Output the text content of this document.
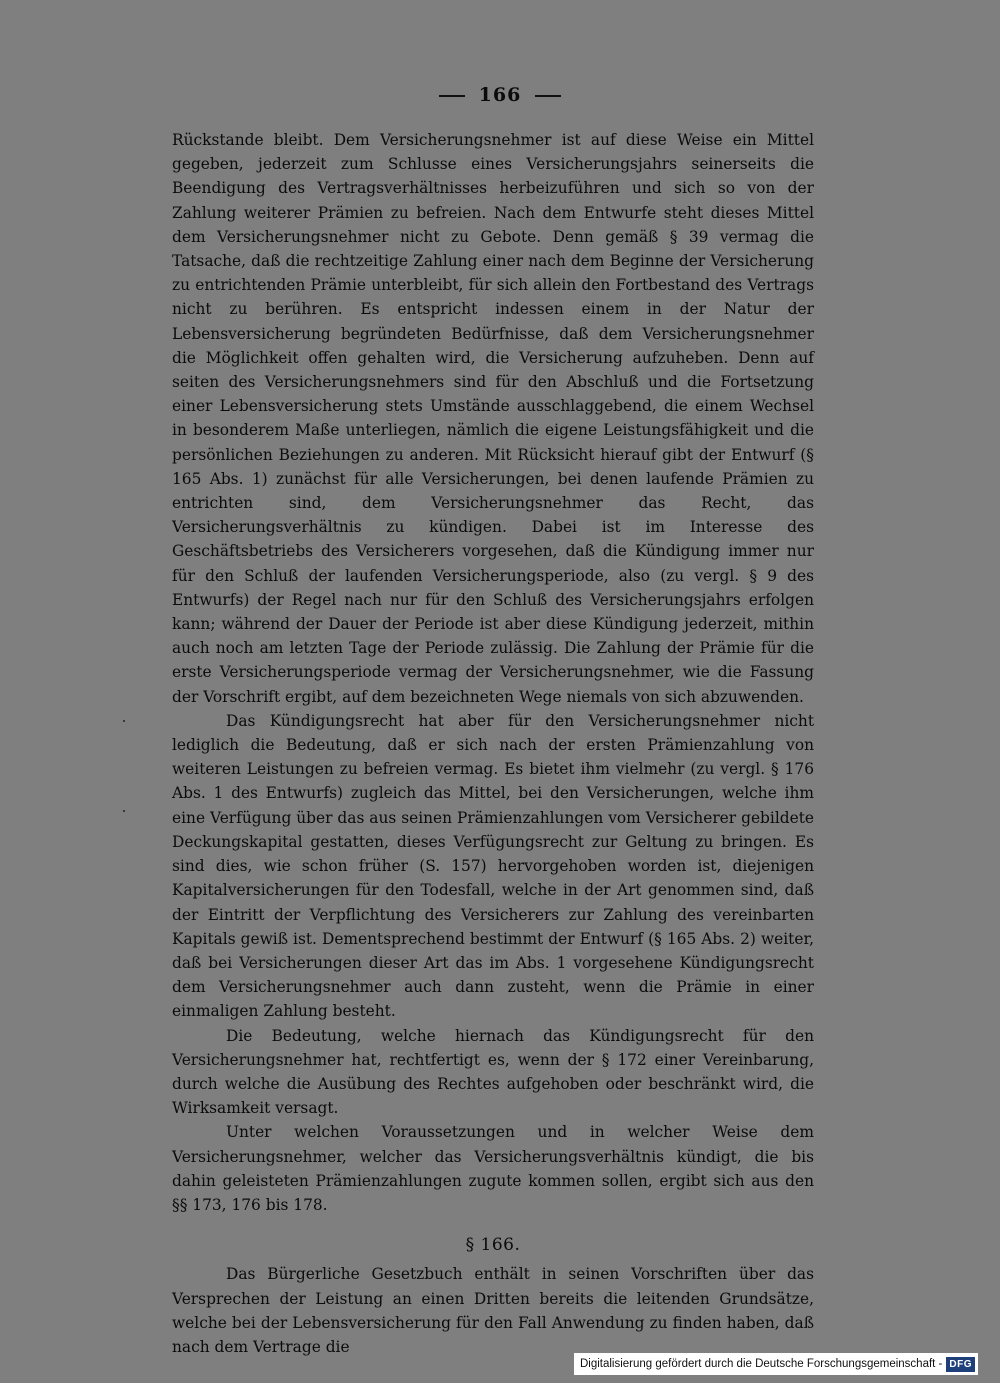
166

Rückstande bleibt. Dem Versicherungsnehmer ist auf diese Weise ein Mittel gegeben, jederzeit zum Schlusse eines Versicherungsjahrs seinerseits die Beendigung des Vertragsverhältnisses herbeizuführen und sich so von der Zahlung weiterer Prämien zu befreien. Nach dem Entwurfe steht dieses Mittel dem Versicherungsnehmer nicht zu Gebote. Denn gemäß § 39 vermag die Tatsache, daß die rechtzeitige Zahlung einer nach dem Beginne der Versicherung zu entrichtenden Prämie unterbleibt, für sich allein den Fortbestand des Vertrags nicht zu berühren. Es entspricht indessen einem in der Natur der Lebensversicherung begründeten Bedürfnisse, daß dem Versicherungsnehmer die Möglichkeit offen gehalten wird, die Versicherung aufzuheben. Denn auf seiten des Versicherungsnehmers sind für den Abschluß und die Fortsetzung einer Lebensversicherung stets Umstände ausschlaggebend, die einem Wechsel in besonderem Maße unterliegen, nämlich die eigene Leistungsfähigkeit und die persönlichen Beziehungen zu anderen. Mit Rücksicht hierauf gibt der Entwurf (§ 165 Abs. 1) zunächst für alle Versicherungen, bei denen laufende Prämien zu entrichten sind, dem Versicherungsnehmer das Recht, das Versicherungsverhältnis zu kündigen. Dabei ist im Interesse des Geschäftsbetriebs des Versicherers vorgesehen, daß die Kündigung immer nur für den Schluß der laufenden Versicherungsperiode, also (zu vergl. § 9 des Entwurfs) der Regel nach nur für den Schluß des Versicherungsjahrs erfolgen kann; während der Dauer der Periode ist aber diese Kündigung jederzeit, mithin auch noch am letzten Tage der Periode zulässig. Die Zahlung der Prämie für die erste Versicherungsperiode vermag der Versicherungsnehmer, wie die Fassung der Vorschrift ergibt, auf dem bezeichneten Wege niemals von sich abzuwenden.

Das Kündigungsrecht hat aber für den Versicherungsnehmer nicht lediglich die Bedeutung, daß er sich nach der ersten Prämienzahlung von weiteren Leistungen zu befreien vermag. Es bietet ihm vielmehr (zu vergl. § 176 Abs. 1 des Entwurfs) zugleich das Mittel, bei den Versicherungen, welche ihm eine Verfügung über das aus seinen Prämienzahlungen vom Versicherer gebildete Deckungskapital gestatten, dieses Verfügungsrecht zur Geltung zu bringen. Es sind dies, wie schon früher (S. 157) hervorgehoben worden ist, diejenigen Kapitalversicherungen für den Todesfall, welche in der Art genommen sind, daß der Eintritt der Verpflichtung des Versicherers zur Zahlung des vereinbarten Kapitals gewiß ist. Dementsprechend bestimmt der Entwurf (§ 165 Abs. 2) weiter, daß bei Versicherungen dieser Art das im Abs. 1 vorgesehene Kündigungsrecht dem Versicherungsnehmer auch dann zusteht, wenn die Prämie in einer einmaligen Zahlung besteht.

Die Bedeutung, welche hiernach das Kündigungsrecht für den Versicherungsnehmer hat, rechtfertigt es, wenn der § 172 einer Vereinbarung, durch welche die Ausübung des Rechtes aufgehoben oder beschränkt wird, die Wirksamkeit versagt.

Unter welchen Voraussetzungen und in welcher Weise dem Versicherungsnehmer, welcher das Versicherungsverhältnis kündigt, die bis dahin geleisteten Prämienzahlungen zugute kommen sollen, ergibt sich aus den §§ 173, 176 bis 178.

§ 166.

Das Bürgerliche Gesetzbuch enthält in seinen Vorschriften über das Versprechen der Leistung an einen Dritten bereits die leitenden Grundsätze, welche bei der Lebensversicherung für den Fall Anwendung zu finden haben, daß nach dem Vertrage die

Digitalisierung gefördert durch die Deutsche Forschungsgemeinschaft - DFG
